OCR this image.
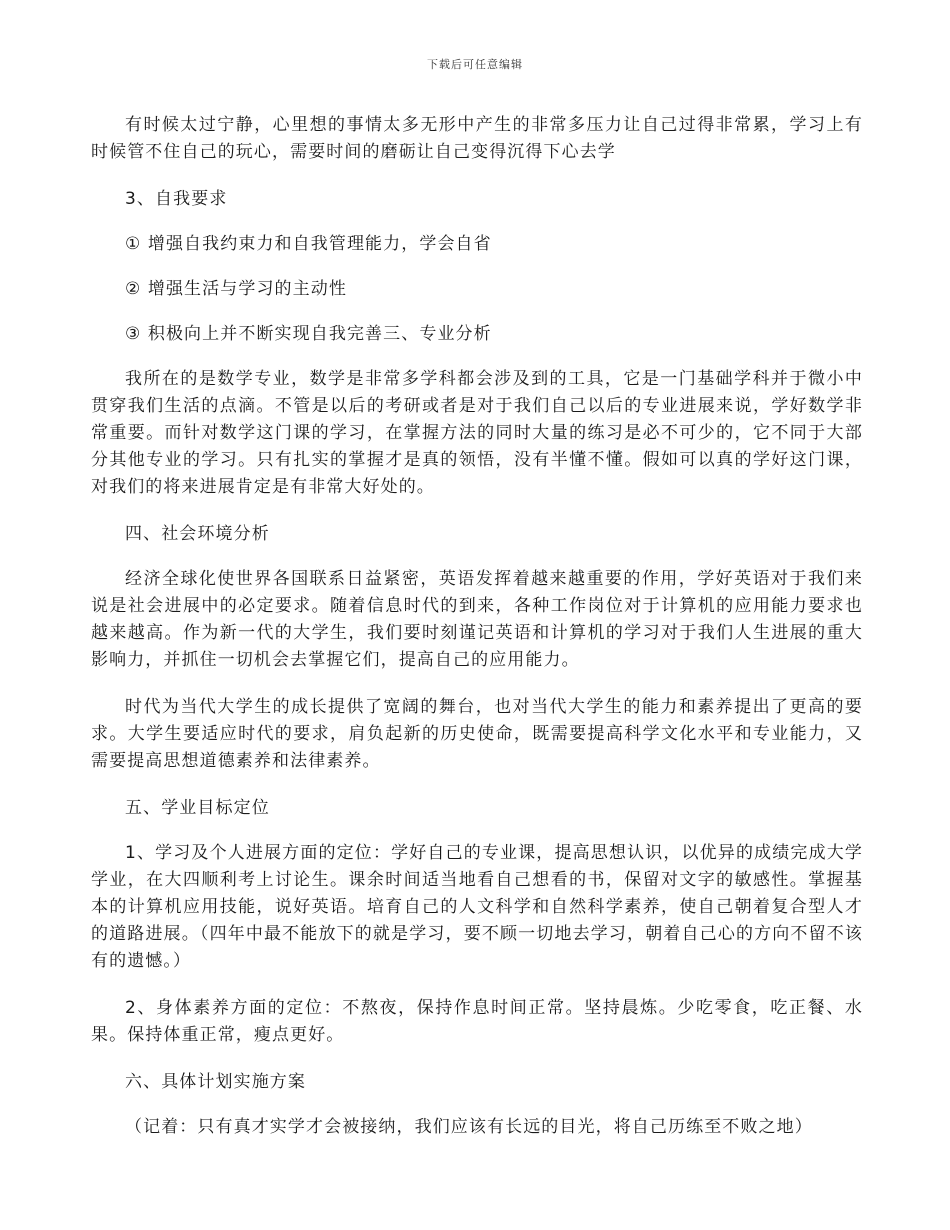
下载后可任意编辑

有时候太过宁静，心里想的事情太多无形中产生的非常多压力让自己过得非常累，学习上有时候管不住自己的玩心，需要时间的磨砺让自己变得沉得下心去学

3、自我要求

① 增强自我约束力和自我管理能力，学会自省

② 增强生活与学习的主动性

③ 积极向上并不断实现自我完善三、专业分析

我所在的是数学专业，数学是非常多学科都会涉及到的工具，它是一门基础学科并于微小中贯穿我们生活的点滴。不管是以后的考研或者是对于我们自己以后的专业进展来说，学好数学非常重要。而针对数学这门课的学习，在掌握方法的同时大量的练习是必不可少的，它不同于大部分其他专业的学习。只有扎实的掌握才是真的领悟，没有半懂不懂。假如可以真的学好这门课，对我们的将来进展肯定是有非常大好处的。

四、社会环境分析

经济全球化使世界各国联系日益紧密，英语发挥着越来越重要的作用，学好英语对于我们来说是社会进展中的必定要求。随着信息时代的到来，各种工作岗位对于计算机的应用能力要求也越来越高。作为新一代的大学生，我们要时刻谨记英语和计算机的学习对于我们人生进展的重大影响力，并抓住一切机会去掌握它们，提高自己的应用能力。

时代为当代大学生的成长提供了宽阔的舞台，也对当代大学生的能力和素养提出了更高的要求。大学生要适应时代的要求，肩负起新的历史使命，既需要提高科学文化水平和专业能力，又需要提高思想道德素养和法律素养。

五、学业目标定位

1、学习及个人进展方面的定位：学好自己的专业课，提高思想认识，以优异的成绩完成大学学业，在大四顺利考上讨论生。课余时间适当地看自己想看的书，保留对文字的敏感性。掌握基本的计算机应用技能，说好英语。培育自己的人文科学和自然科学素养，使自己朝着复合型人才的道路进展。（四年中最不能放下的就是学习，要不顾一切地去学习，朝着自己心的方向不留不该有的遗憾。）

2、身体素养方面的定位：不熬夜，保持作息时间正常。坚持晨炼。少吃零食，吃正餐、水果。保持体重正常，瘦点更好。

六、具体计划实施方案

（记着：只有真才实学才会被接纳，我们应该有长远的目光，将自己历练至不败之地）
